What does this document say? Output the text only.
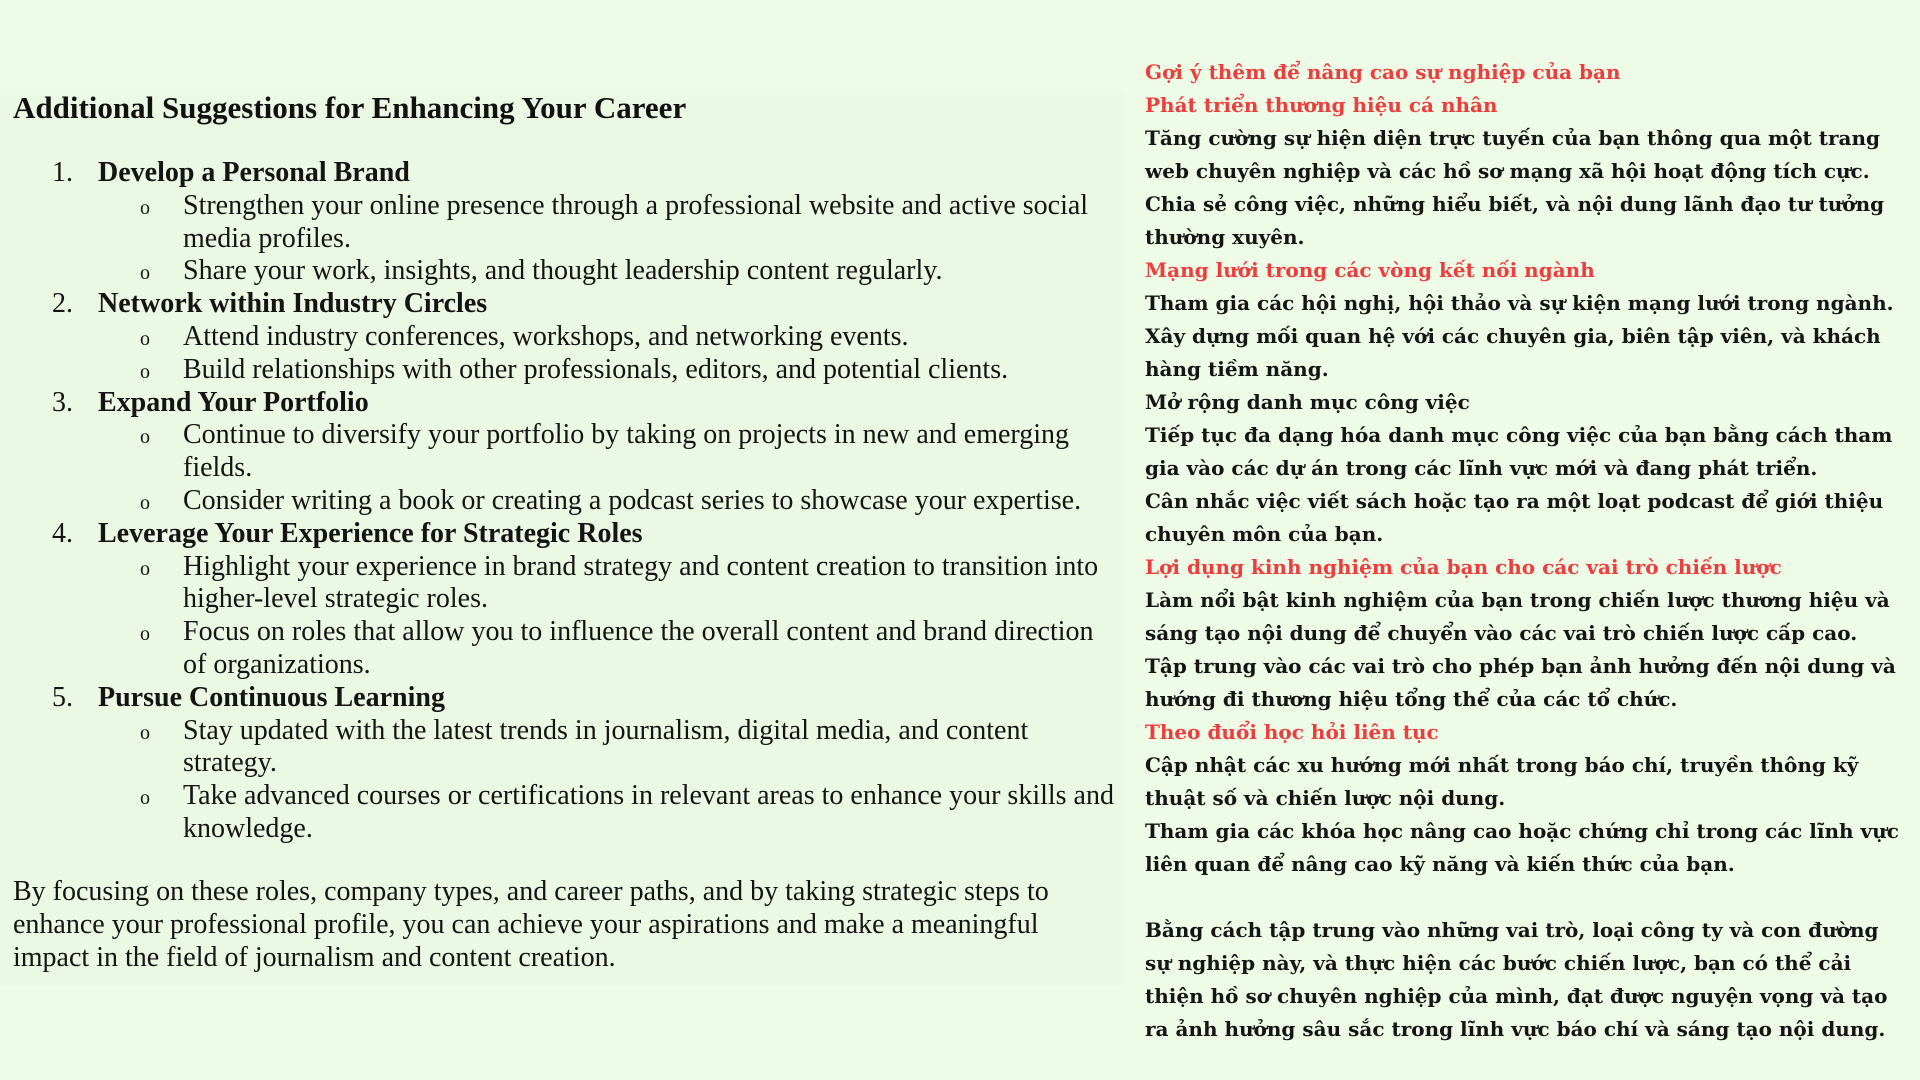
Additional Suggestions for Enhancing Your Career
1. Develop a Personal Brand
o Strengthen your online presence through a professional website and active social media profiles.
o Share your work, insights, and thought leadership content regularly.
2. Network within Industry Circles
o Attend industry conferences, workshops, and networking events.
o Build relationships with other professionals, editors, and potential clients.
3. Expand Your Portfolio
o Continue to diversify your portfolio by taking on projects in new and emerging fields.
o Consider writing a book or creating a podcast series to showcase your expertise.
4. Leverage Your Experience for Strategic Roles
o Highlight your experience in brand strategy and content creation to transition into higher-level strategic roles.
o Focus on roles that allow you to influence the overall content and brand direction of organizations.
5. Pursue Continuous Learning
o Stay updated with the latest trends in journalism, digital media, and content strategy.
o Take advanced courses or certifications in relevant areas to enhance your skills and knowledge.

By focusing on these roles, company types, and career paths, and by taking strategic steps to enhance your professional profile, you can achieve your aspirations and make a meaningful impact in the field of journalism and content creation.

Gợi ý thêm để nâng cao sự nghiệp của bạn

Phát triển thương hiệu cá nhân

Tăng cường sự hiện diện trực tuyến của bạn thông qua một trang web chuyên nghiệp và các hồ sơ mạng xã hội hoạt động tích cực.

Chia sẻ công việc, những hiểu biết, và nội dung lãnh đạo tư tưởng thường xuyên.

Mạng lưới trong các vòng kết nối ngành

Tham gia các hội nghị, hội thảo và sự kiện mạng lưới trong ngành.

Xây dựng mối quan hệ với các chuyên gia, biên tập viên, và khách hàng tiềm năng.

Mở rộng danh mục công việc

Tiếp tục đa dạng hóa danh mục công việc của bạn bằng cách tham gia vào các dự án trong các lĩnh vực mới và đang phát triển.

Cân nhắc việc viết sách hoặc tạo ra một loạt podcast để giới thiệu chuyên môn của bạn.

Lợi dụng kinh nghiệm của bạn cho các vai trò chiến lược

Làm nổi bật kinh nghiệm của bạn trong chiến lược thương hiệu và sáng tạo nội dung để chuyển vào các vai trò chiến lược cấp cao.

Tập trung vào các vai trò cho phép bạn ảnh hưởng đến nội dung và hướng đi thương hiệu tổng thể của các tổ chức.

Theo đuổi học hỏi liên tục

Cập nhật các xu hướng mới nhất trong báo chí, truyền thông kỹ thuật số và chiến lược nội dung.

Tham gia các khóa học nâng cao hoặc chứng chỉ trong các lĩnh vực liên quan để nâng cao kỹ năng và kiến thức của bạn.

Bằng cách tập trung vào những vai trò, loại công ty và con đường sự nghiệp này, và thực hiện các bước chiến lược, bạn có thể cải thiện hồ sơ chuyên nghiệp của mình, đạt được nguyện vọng và tạo ra ảnh hưởng sâu sắc trong lĩnh vực báo chí và sáng tạo nội dung.
